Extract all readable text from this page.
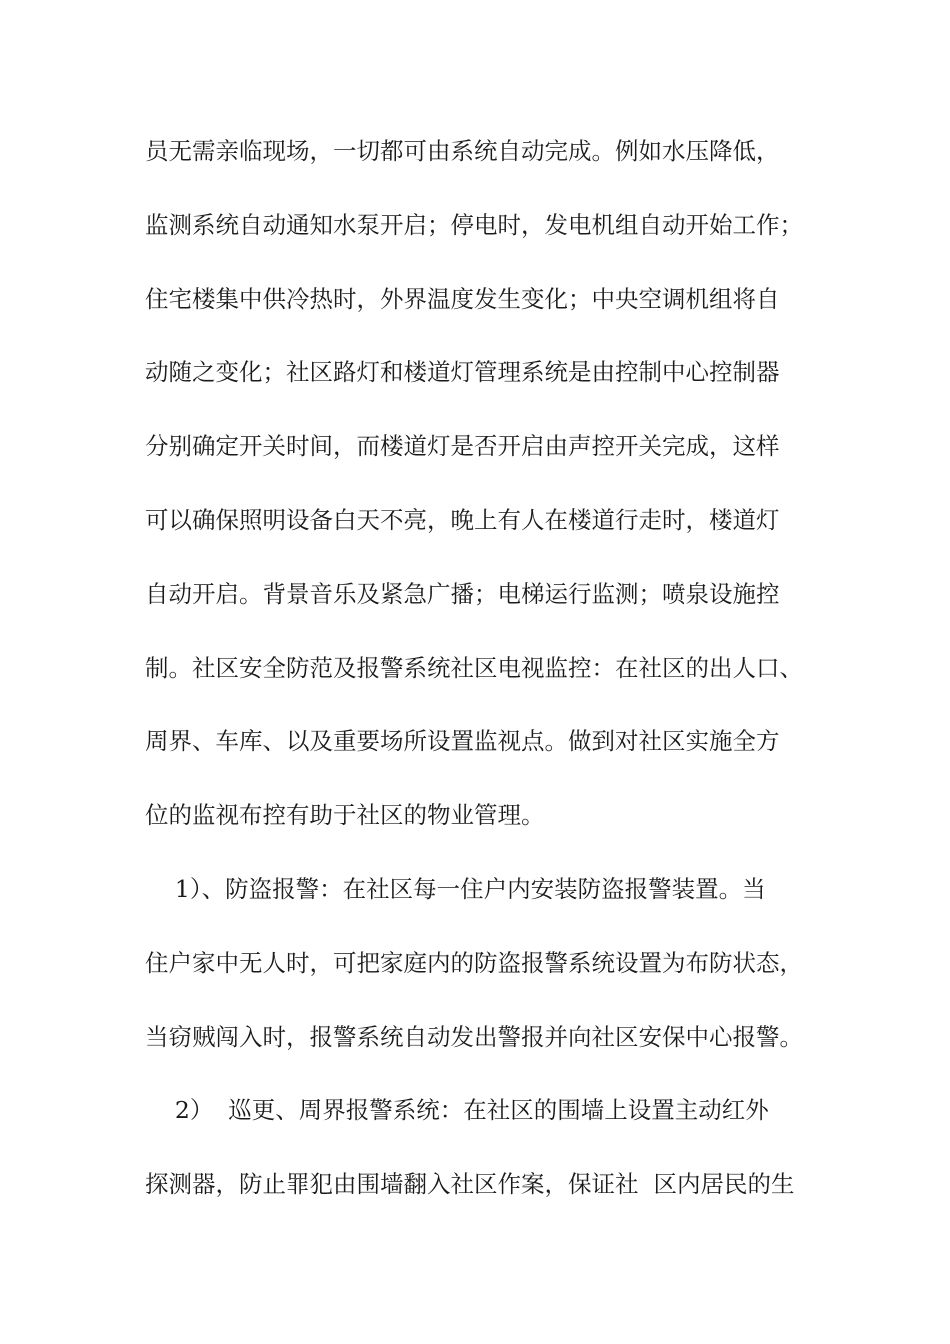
员无需亲临现场，一切都可由系统自动完成。例如水压降低，
监测系统自动通知水泵开启；停电时，发电机组自动开始工作；
住宅楼集中供冷热时，外界温度发生变化；中央空调机组将自
动随之变化；社区路灯和楼道灯管理系统是由控制中心控制器
分别确定开关时间，而楼道灯是否开启由声控开关完成，这样
可以确保照明设备白天不亮，晚上有人在楼道行走时，楼道灯
自动开启。背景音乐及紧急广播；电梯运行监测；喷泉设施控
制。社区安全防范及报警系统社区电视监控：在社区的出人口、
周界、车库、以及重要场所设置监视点。做到对社区实施全方
位的监视布控有助于社区的物业管理。
1）、防盗报警：在社区每一住户内安装防盗报警装置。当
住户家中无人时，可把家庭内的防盗报警系统设置为布防状态，
当窃贼闯入时，报警系统自动发出警报并向社区安保中心报警。
2）  巡更、周界报警系统：在社区的围墙上设置主动红外
探测器，防止罪犯由围墙翻入社区作案，保证社  区内居民的生
